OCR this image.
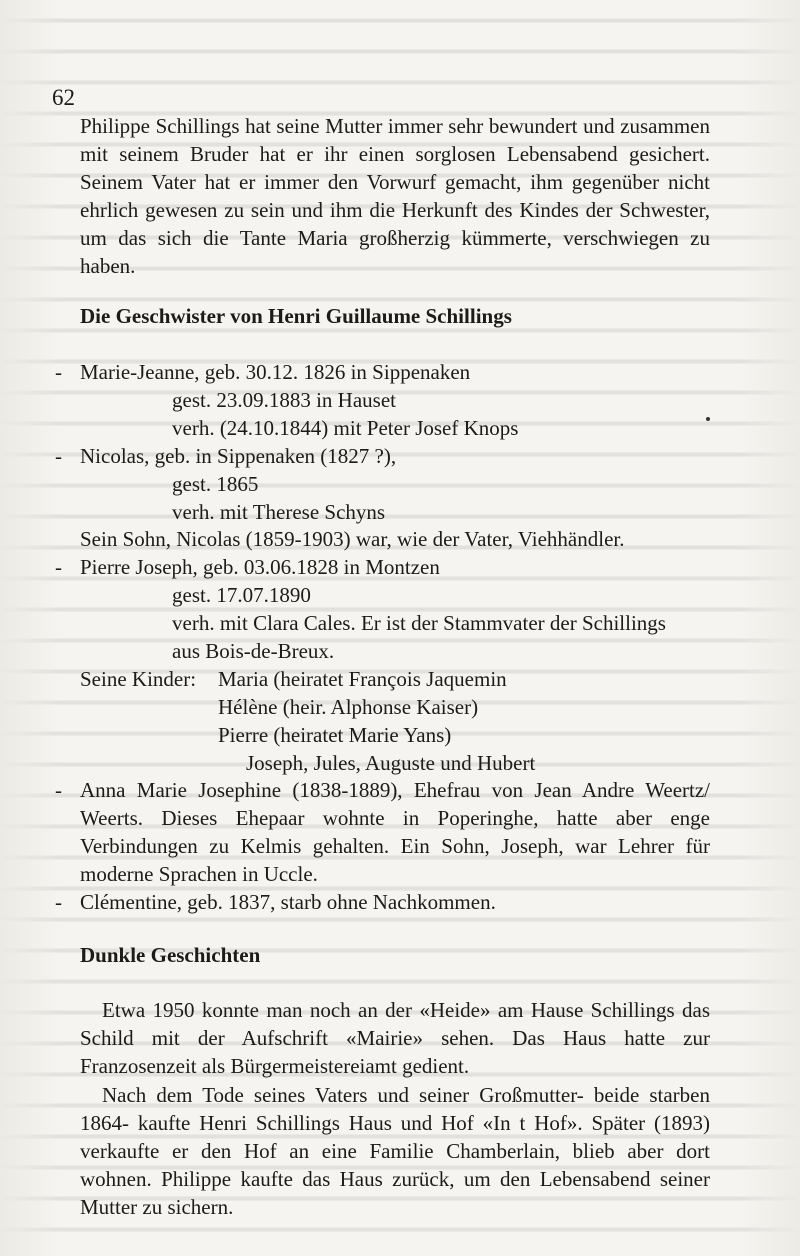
62

Philippe Schillings hat seine Mutter immer sehr bewundert und zusammen mit seinem Bruder hat er ihr einen sorglosen Lebensabend gesichert. Seinem Vater hat er immer den Vorwurf gemacht, ihm gegenüber nicht ehrlich gewesen zu sein und ihm die Herkunft des Kindes der Schwester, um das sich die Tante Maria großherzig kümmerte, verschwiegen zu haben.

Die Geschwister von Henri Guillaume Schillings
- Marie-Jeanne, geb. 30.12. 1826 in Sippenaken
gest. 23.09.1883 in Hauset
verh. (24.10.1844) mit Peter Josef Knops
- Nicolas, geb. in Sippenaken (1827 ?),
gest. 1865
verh. mit Therese Schyns
Sein Sohn, Nicolas (1859-1903) war, wie der Vater, Viehhändler.
- Pierre Joseph, geb. 03.06.1828 in Montzen
gest. 17.07.1890
verh. mit Clara Cales. Er ist der Stammvater der Schillings
aus Bois-de-Breux.
Seine Kinder: Maria (heiratet François Jaquemin
Hélène (heir. Alphonse Kaiser)
Pierre (heiratet Marie Yans)
Joseph, Jules, Auguste und Hubert
- Anna Marie Josephine (1838-1889), Ehefrau von Jean Andre Weertz/ Weerts. Dieses Ehepaar wohnte in Poperinghe, hatte aber enge Verbindungen zu Kelmis gehalten. Ein Sohn, Joseph, war Lehrer für moderne Sprachen in Uccle.

- Clémentine, geb. 1837, starb ohne Nachkommen.
Dunkle Geschichten

Etwa 1950 konnte man noch an der «Heide» am Hause Schillings das Schild mit der Aufschrift «Mairie» sehen. Das Haus hatte zur Franzosenzeit als Bürgermeistereiamt gedient.

Nach dem Tode seines Vaters und seiner Großmutter- beide starben 1864- kaufte Henri Schillings Haus und Hof «In t Hof». Später (1893) verkaufte er den Hof an eine Familie Chamberlain, blieb aber dort wohnen. Philippe kaufte das Haus zurück, um den Lebensabend seiner Mutter zu sichern.
